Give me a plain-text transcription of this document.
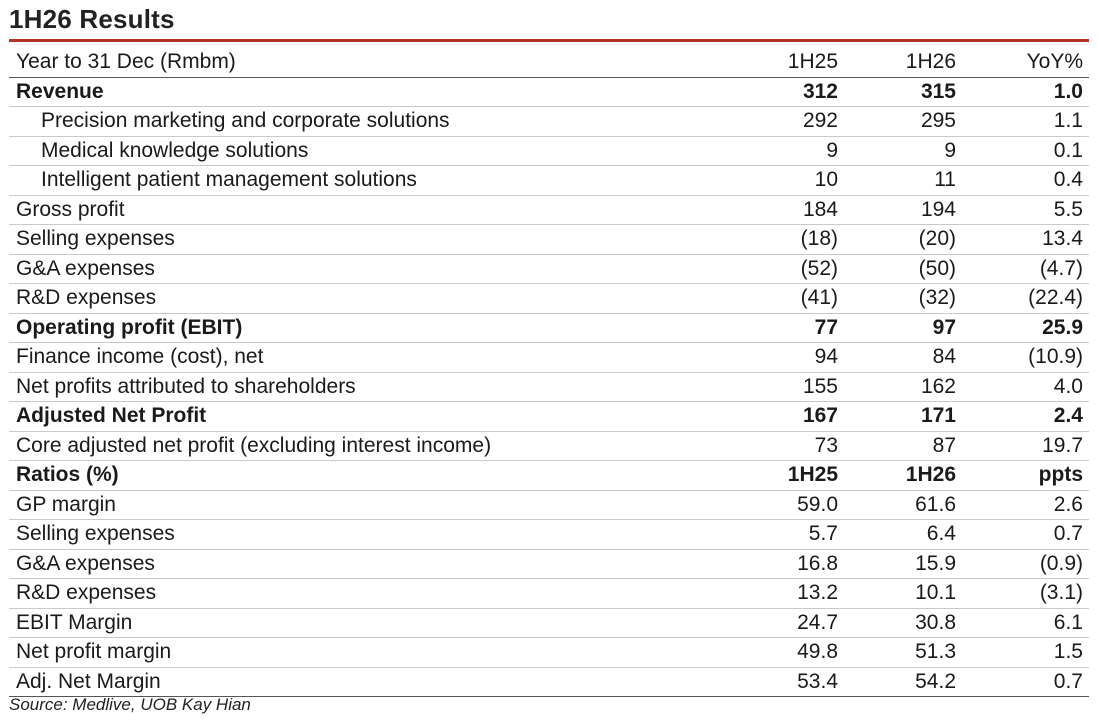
1H26 Results
Year to 31 Dec (Rmbm)	1H25	1H26	YoY%
Revenue	312	315	1.0
Precision marketing and corporate solutions	292	295	1.1
Medical knowledge solutions	9	9	0.1
Intelligent patient management solutions	10	11	0.4
Gross profit	184	194	5.5
Selling expenses	(18)	(20)	13.4
G&A expenses	(52)	(50)	(4.7)
R&D expenses	(41)	(32)	(22.4)
Operating profit (EBIT)	77	97	25.9
Finance income (cost), net	94	84	(10.9)
Net profits attributed to shareholders	155	162	4.0
Adjusted Net Profit	167	171	2.4
Core adjusted net profit (excluding interest income)	73	87	19.7
Ratios (%)	1H25	1H26	ppts
GP margin	59.0	61.6	2.6
Selling expenses	5.7	6.4	0.7
G&A expenses	16.8	15.9	(0.9)
R&D expenses	13.2	10.1	(3.1)
EBIT Margin	24.7	30.8	6.1
Net profit margin	49.8	51.3	1.5
Adj. Net Margin	53.4	54.2	0.7
Source: Medlive, UOB Kay Hian
